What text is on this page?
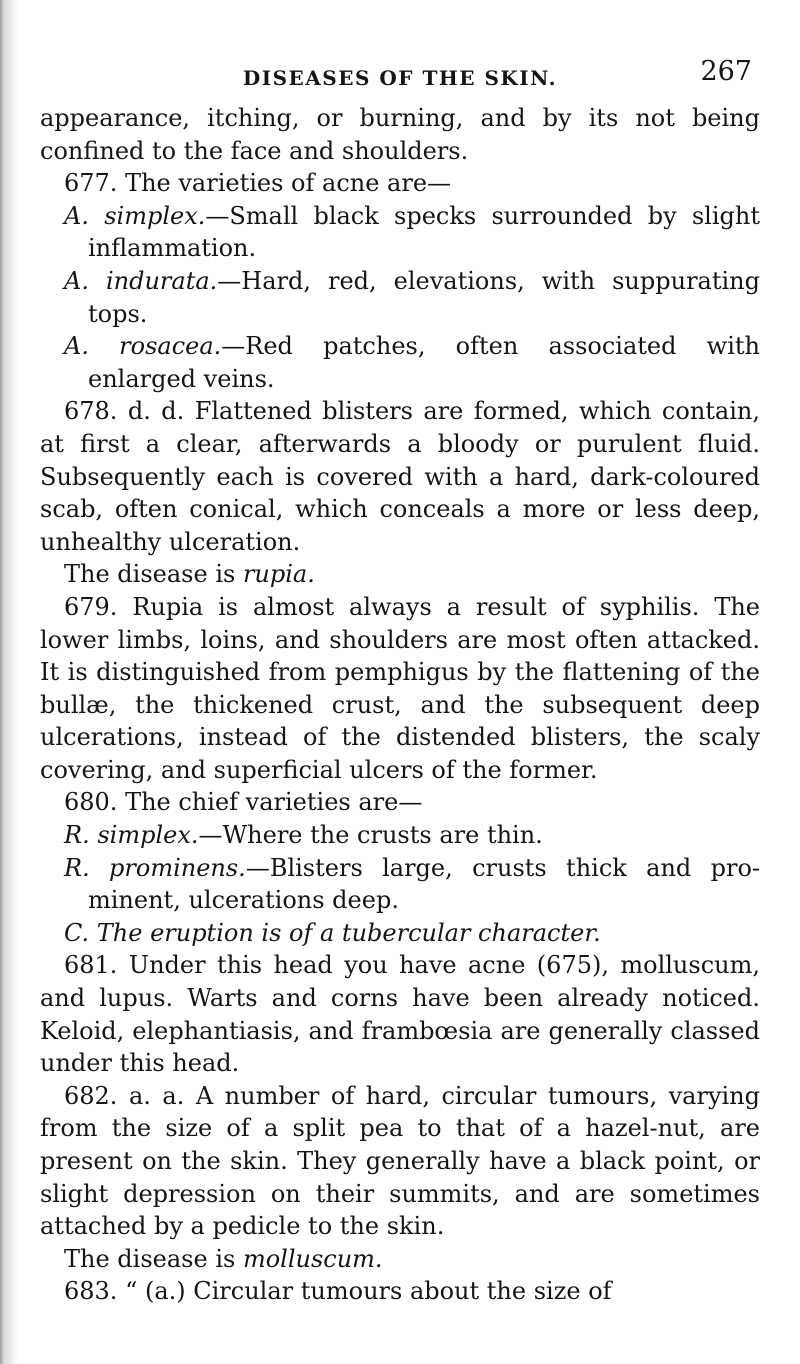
DISEASES OF THE SKIN.	267

appearance, itching, or burning, and by its not being confined to the face and shoulders.

677. The varieties of acne are—

A. simplex.—Small black specks surrounded by slight inflammation.

A. indurata.—Hard, red, elevations, with suppurating tops.

A. rosacea.—Red patches, often associated with enlarged veins.

678. d. d. Flattened blisters are formed, which contain, at first a clear, afterwards a bloody or purulent fluid. Subsequently each is covered with a hard, dark-coloured scab, often conical, which conceals a more or less deep, unhealthy ulceration.

The disease is rupia.

679. Rupia is almost always a result of syphilis. The lower limbs, loins, and shoulders are most often attacked. It is distinguished from pemphigus by the flattening of the bullæ, the thickened crust, and the subsequent deep ulcerations, instead of the distended blisters, the scaly covering, and superficial ulcers of the former.

680. The chief varieties are—

R. simplex.—Where the crusts are thin.

R. prominens.—Blisters large, crusts thick and prominent, ulcerations deep.

C. The eruption is of a tubercular character.

681. Under this head you have acne (675), molluscum, and lupus. Warts and corns have been already noticed. Keloid, elephantiasis, and frambœsia are generally classed under this head.

682. a. a. A number of hard, circular tumours, varying from the size of a split pea to that of a hazel-nut, are present on the skin. They generally have a black point, or slight depression on their summits, and are sometimes attached by a pedicle to the skin.

The disease is molluscum.

683. “ (a.) Circular tumours about the size of
